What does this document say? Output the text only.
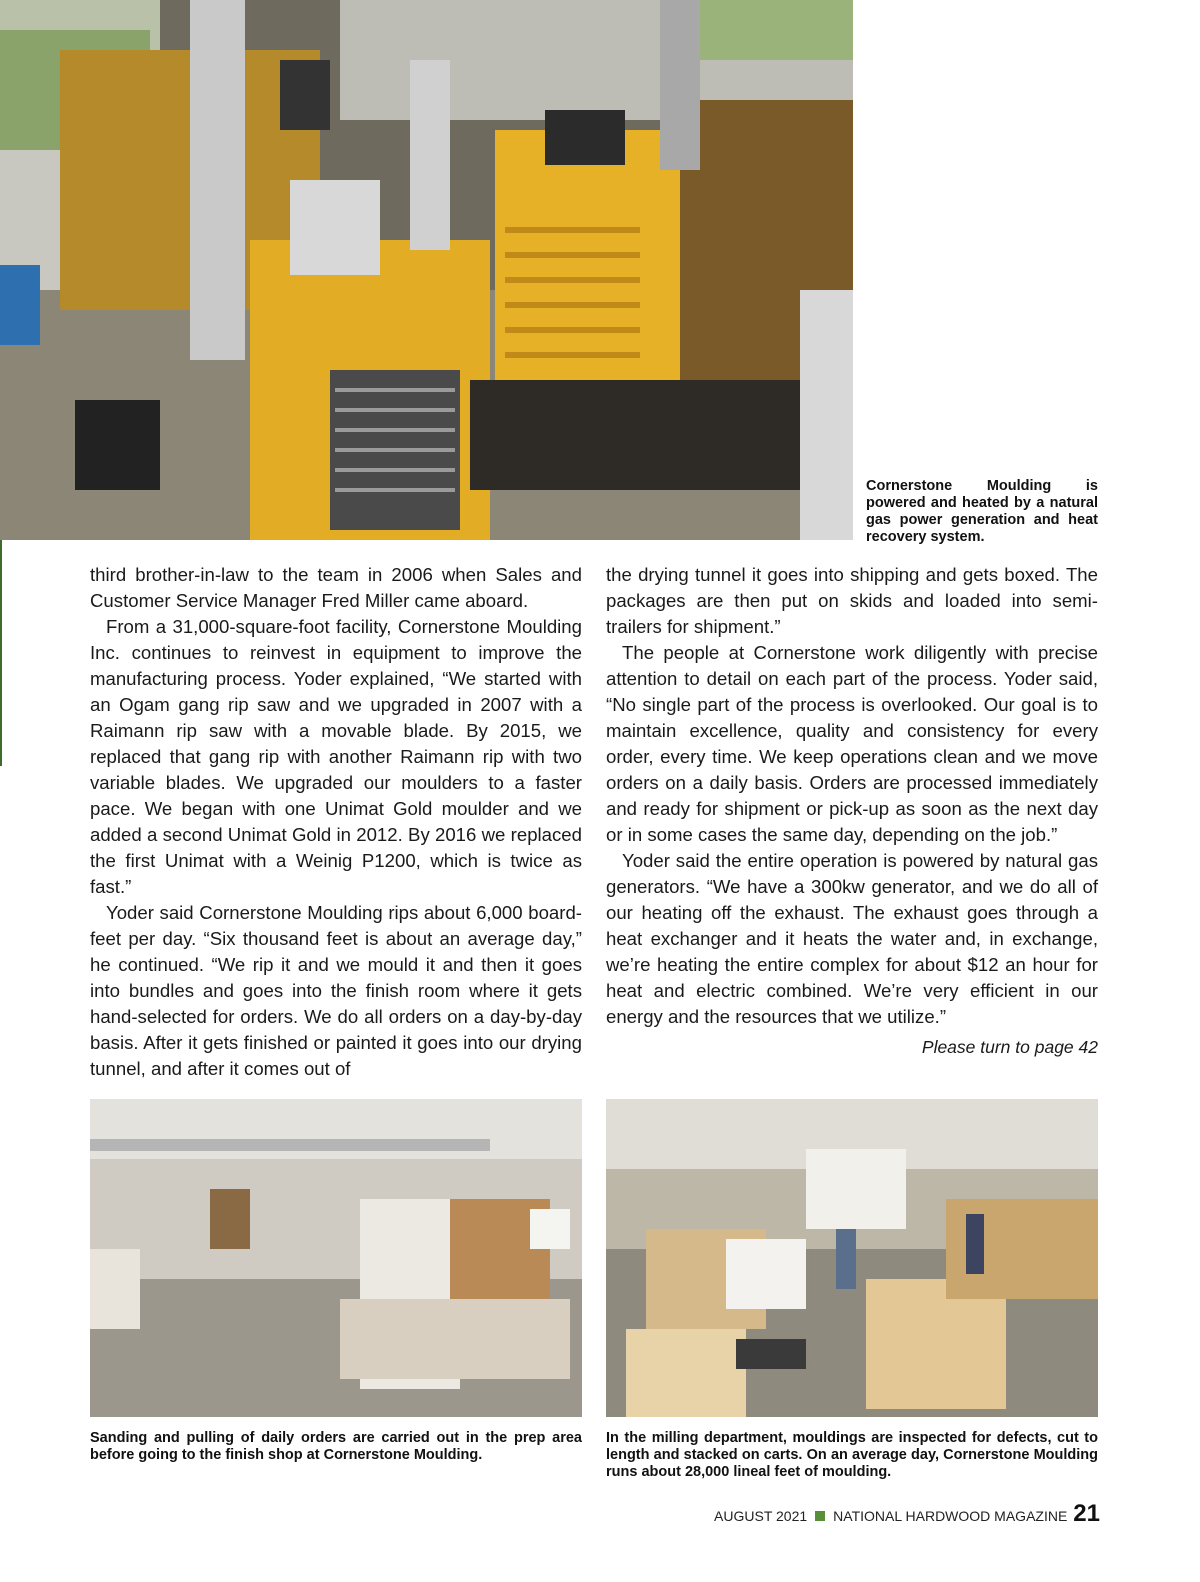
Cornerstone Moulding is powered and heated by a natural gas power generation and heat recovery system.

third brother-in-law to the team in 2006 when Sales and Customer Service Manager Fred Miller came aboard.

From a 31,000-square-foot facility, Cornerstone Moulding Inc. continues to reinvest in equipment to improve the manufacturing process. Yoder explained, “We started with an Ogam gang rip saw and we upgraded in 2007 with a Raimann rip saw with a movable blade. By 2015, we replaced that gang rip with another Raimann rip with two variable blades. We upgraded our moulders to a faster pace. We began with one Unimat Gold moulder and we added a second Unimat Gold in 2012. By 2016 we replaced the first Unimat with a Weinig P1200, which is twice as fast.”

Yoder said Cornerstone Moulding rips about 6,000 board-feet per day. “Six thousand feet is about an average day,” he continued. “We rip it and we mould it and then it goes into bundles and goes into the finish room where it gets hand-selected for orders. We do all orders on a day-by-day basis. After it gets finished or painted it goes into our drying tunnel, and after it comes out of

the drying tunnel it goes into shipping and gets boxed. The packages are then put on skids and loaded into semi-trailers for shipment.”

The people at Cornerstone work diligently with precise attention to detail on each part of the process. Yoder said, “No single part of the process is overlooked. Our goal is to maintain excellence, quality and consistency for every order, every time. We keep operations clean and we move orders on a daily basis. Orders are processed immediately and ready for shipment or pick-up as soon as the next day or in some cases the same day, depending on the job.”

Yoder said the entire operation is powered by natural gas generators. “We have a 300kw generator, and we do all of our heating off the exhaust. The exhaust goes through a heat exchanger and it heats the water and, in exchange, we’re heating the entire complex for about $12 an hour for heat and electric combined. We’re very efficient in our energy and the resources that we utilize.”

Please turn to page 42

Sanding and pulling of daily orders are carried out in the prep area before going to the finish shop at Cornerstone Moulding.
In the milling department, mouldings are inspected for defects, cut to length and stacked on carts. On an average day, Cornerstone Moulding runs about 28,000 lineal feet of moulding.
AUGUST 2021 NATIONAL HARDWOOD MAGAZINE 21
